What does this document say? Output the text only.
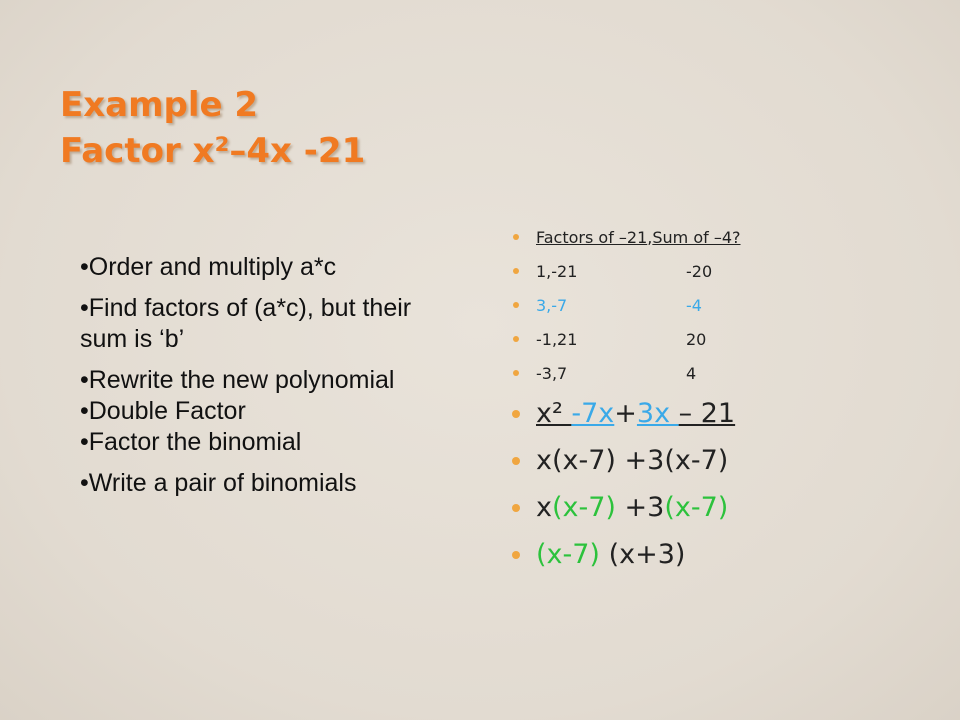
Example 2
Factor x²–4x -21

•Order and multiply a*c

•Find factors of (a*c), but their sum is ‘b’

•Rewrite the new polynomial

•Double Factor

•Factor the binomial

•Write a pair of binomials

Factors of –21,Sum of –4?
1,-21	-20
3,-7	-4
-1,21	20
-3,7	4
x² -7x+3x – 21
x(x-7) +3(x-7)
x(x-7) +3(x-7)
(x-7) (x+3)
